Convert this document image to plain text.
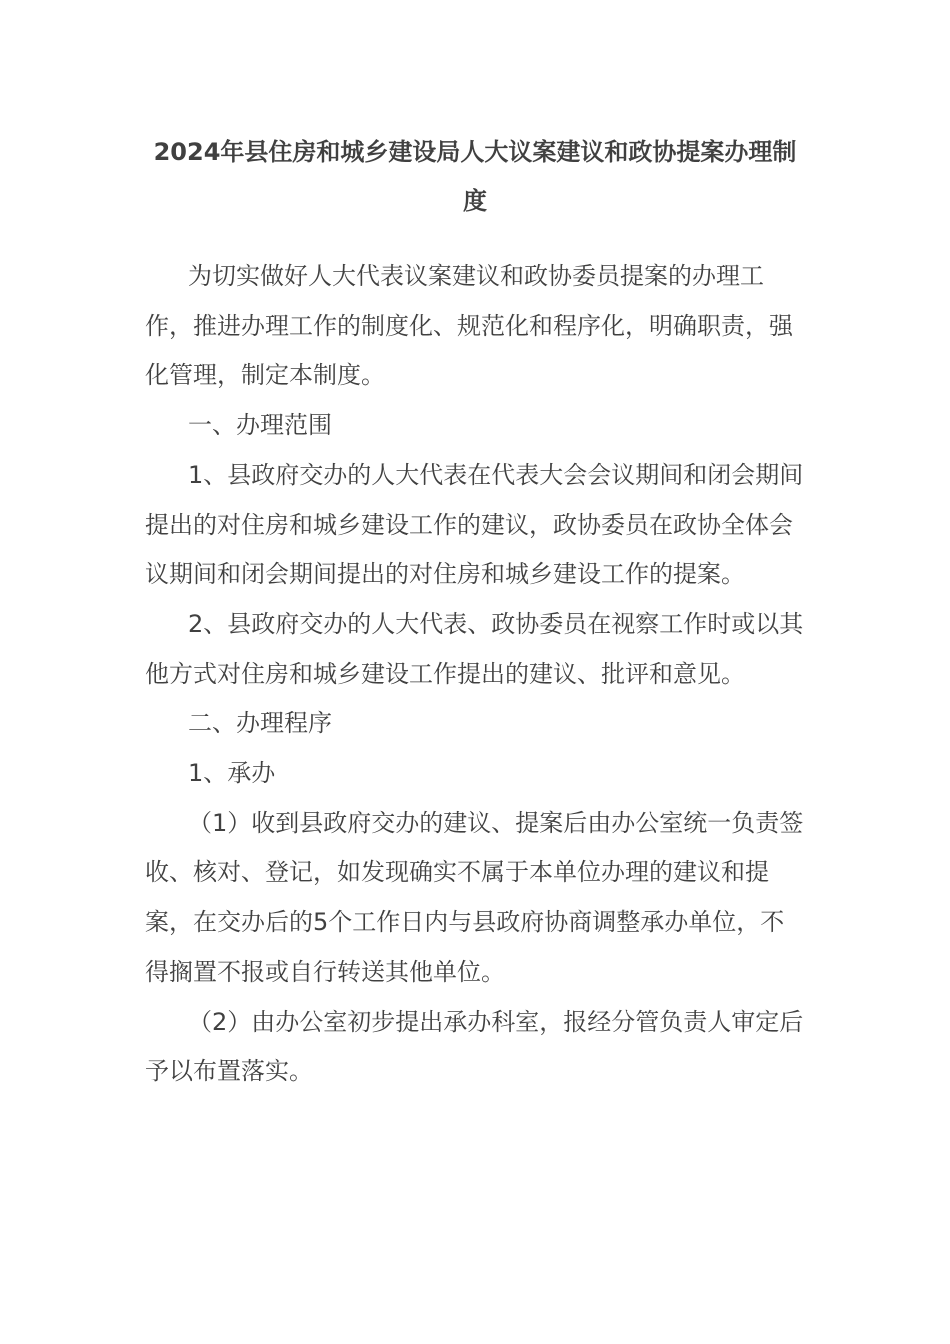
2024年县住房和城乡建设局人大议案建议和政协提案办理制度

为切实做好人大代表议案建议和政协委员提案的办理工作，推进办理工作的制度化、规范化和程序化，明确职责，强化管理，制定本制度。

一、办理范围

1、县政府交办的人大代表在代表大会会议期间和闭会期间提出的对住房和城乡建设工作的建议，政协委员在政协全体会议期间和闭会期间提出的对住房和城乡建设工作的提案。

2、县政府交办的人大代表、政协委员在视察工作时或以其他方式对住房和城乡建设工作提出的建议、批评和意见。

二、办理程序

1、承办

（1）收到县政府交办的建议、提案后由办公室统一负责签收、核对、登记，如发现确实不属于本单位办理的建议和提案，在交办后的5个工作日内与县政府协商调整承办单位，不得搁置不报或自行转送其他单位。

（2）由办公室初步提出承办科室，报经分管负责人审定后予以布置落实。
